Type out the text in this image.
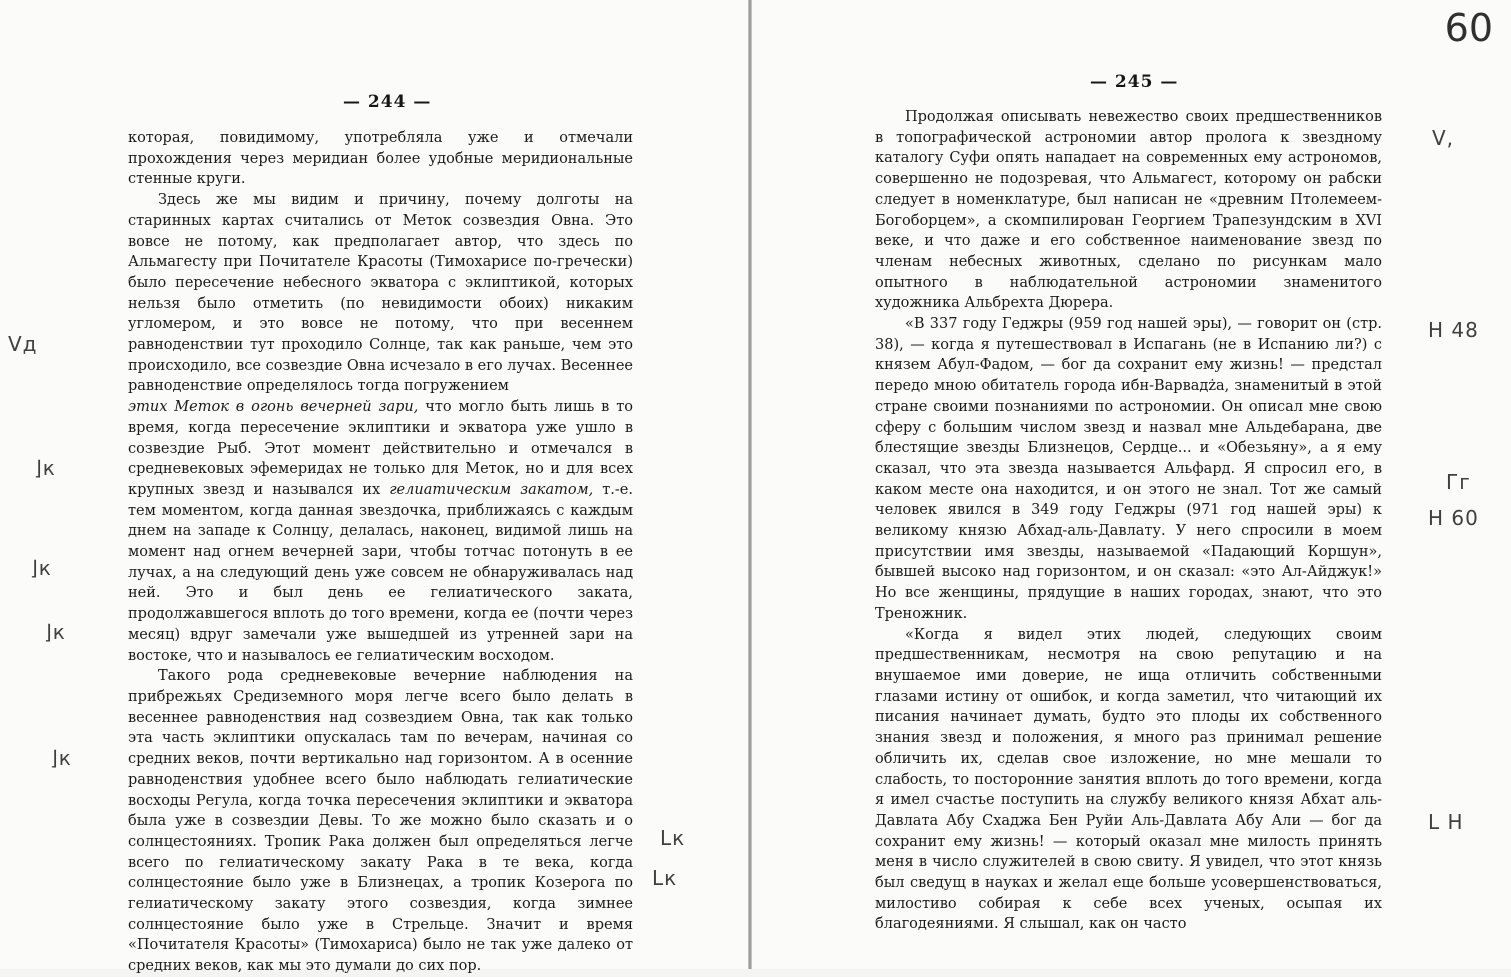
— 244 —

которая, повидимому, употребляла уже и отмечали прохождения через меридиан более удобные меридиональные стенные круги.

Здесь же мы видим и причину, почему долготы на старинных картах считались от Меток созвездия Овна. Это вовсе не потому, как предполагает автор, что здесь по Альмагесту при Почитателе Красоты (Тимохарисе по-гречески) было пересечение небесного экватора с эклиптикой, которых нельзя было отметить (по невидимости обоих) никаким угломером, и это вовсе не потому, что при весеннем равноденствии тут проходило Солнце, так как раньше, чем это происходило, все созвездие Овна исчезало в его лучах. Весеннее равноденствие определялось тогда погружением

этих Меток в огонь вечерней зари, что могло быть лишь в то время, когда пересечение эклиптики и экватора уже ушло в созвездие Рыб. Этот момент действительно и отмечался в средневековых эфемеридах не только для Меток, но и для всех крупных звезд и назывался их гелиатическим закатом, т.-е. тем моментом, когда данная звездочка, приближаясь с каждым днем на западе к Солнцу, делалась, наконец, видимой лишь на момент над огнем вечерней зари, чтобы тотчас потонуть в ее лучах, а на следующий день уже совсем не обнаруживалась над ней. Это и был день ее гелиатического заката, продолжавшегося вплоть до того времени, когда ее (почти через месяц) вдруг замечали уже вышедшей из утренней зари на востоке, что и называлось ее гелиатическим восходом.

Такого рода средневековые вечерние наблюдения на прибрежьях Средиземного моря легче всего было делать в весеннее равноденствия над созвездием Овна, так как только эта часть эклиптики опускалась там по вечерам, начиная со средних веков, почти вертикально над горизонтом. А в осенние равноденствия удобнее всего было наблюдать гелиатические восходы Регула, когда точка пересечения эклиптики и экватора была уже в созвездии Девы. То же можно было сказать и о солнцестояниях. Тропик Рака должен был определяться легче всего по гелиатическому закату Рака в те века, когда солнцестояние было уже в Близнецах, а тропик Козерога по гелиатическому закату этого созвездия, когда зимнее солнцестояние было уже в Стрельце. Значит и время «Почитателя Красоты» (Тимохариса) было не так уже далеко от средних веков, как мы это думали до сих пор.

Vд
⌋к
⌋к
⌋к
⌋к
Lк
Lк
60
— 245 —

Продолжая описывать невежество своих предшественников в топографической астрономии автор пролога к звездному каталогу Суфи опять нападает на современных ему астрономов, совершенно не подозревая, что Альмагест, которому он рабски следует в номенклатуре, был написан не «древним Птолемеем-Богоборцем», а скомпилирован Георгием Трапезундским в XVI веке, и что даже и его собственное наименование звезд по членам небесных животных, сделано по рисункам мало опытного в наблюдательной астрономии знаменитого художника Альбрехта Дюрера.

«В 337 году Геджры (959 год нашей эры), — говорит он (стр. 38), — когда я путешествовал в Испагань (не в Испанию ли?) с князем Абул-Фадом, — бог да сохранит ему жизнь! — предстал передо мною обитатель города ибн-Варвадża, знаменитый в этой стране своими познаниями по астрономии. Он описал мне свою сферу с большим числом звезд и назвал мне Альдебарана, две блестящие звезды Близнецов, Сердце... и «Обезьяну», а я ему сказал, что эта звезда называется Альфард. Я спросил его, в каком месте она находится, и он этого не знал. Тот же самый человек явился в 349 году Геджры (971 год нашей эры) к великому князю Абхад-аль-Давлату. У него спросили в моем присутствии имя звезды, называемой «Падающий Коршун», бывшей высоко над горизонтом, и он сказал: «это Ал-Айджук!» Но все женщины, прядущие в наших городах, знают, что это Треножник.

«Когда я видел этих людей, следующих своим предшественникам, несмотря на свою репутацию и на внушаемое ими доверие, не ища отличить собственными глазами истину от ошибок, и когда заметил, что читающий их писания начинает думать, будто это плоды их собственного знания звезд и положения, я много раз принимал решение обличить их, сделав свое изложение, но мне мешали то слабость, то посторонние занятия вплоть до того времени, когда я имел счастье поступить на службу великого князя Абхат аль-Давлата Абу Схаджа Бен Руйи Аль-Давлата Абу Али — бог да сохранит ему жизнь! — который оказал мне милость принять меня в число служителей в свою свиту. Я увидел, что этот князь был сведущ в науках и желал еще больше усовершенствоваться, милостиво собирая к себе всех ученых, осыпая их благодеяниями. Я слышал, как он часто

V,
H 48
Гг
H 60
L H
